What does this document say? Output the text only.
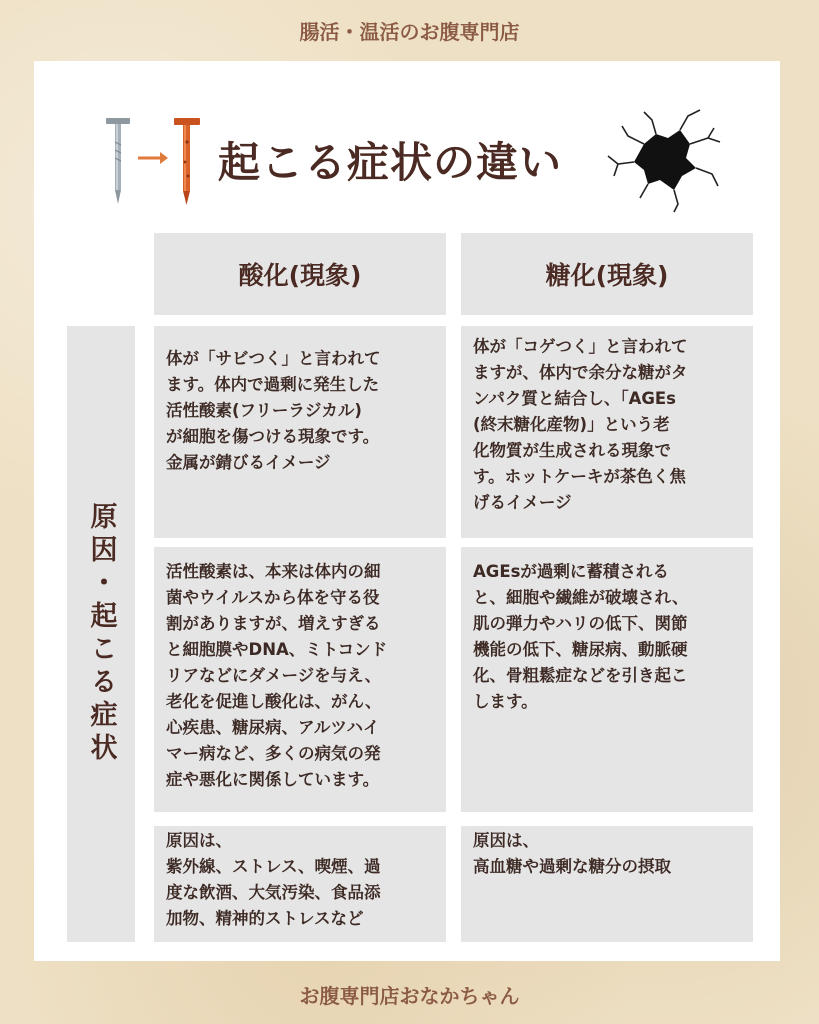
腸活・温活のお腹専門店
起こる症状の違い
酸化(現象)	糖化(現象)
原因・起こる症状
体が「サビつく」と言われて
ます。体内で過剰に発生した
活性酸素(フリーラジカル)
が細胞を傷つける現象です。
金属が錆びるイメージ
体が「コゲつく」と言われて
ますが、体内で余分な糖がタ
ンパク質と結合し、「AGEs
(終末糖化産物)」という老
化物質が生成される現象で
す。ホットケーキが茶色く焦
げるイメージ
活性酸素は、本来は体内の細
菌やウイルスから体を守る役
割がありますが、増えすぎる
と細胞膜やDNA、ミトコンド
リアなどにダメージを与え、
老化を促進し酸化は、がん、
心疾患、糖尿病、アルツハイ
マー病など、多くの病気の発
症や悪化に関係しています。
AGEsが過剰に蓄積される
と、細胞や繊維が破壊され、
肌の弾力やハリの低下、関節
機能の低下、糖尿病、動脈硬
化、骨粗鬆症などを引き起こ
します。
原因は、
紫外線、ストレス、喫煙、過
度な飲酒、大気汚染、食品添
加物、精神的ストレスなど
原因は、
高血糖や過剰な糖分の摂取
お腹専門店おなかちゃん
